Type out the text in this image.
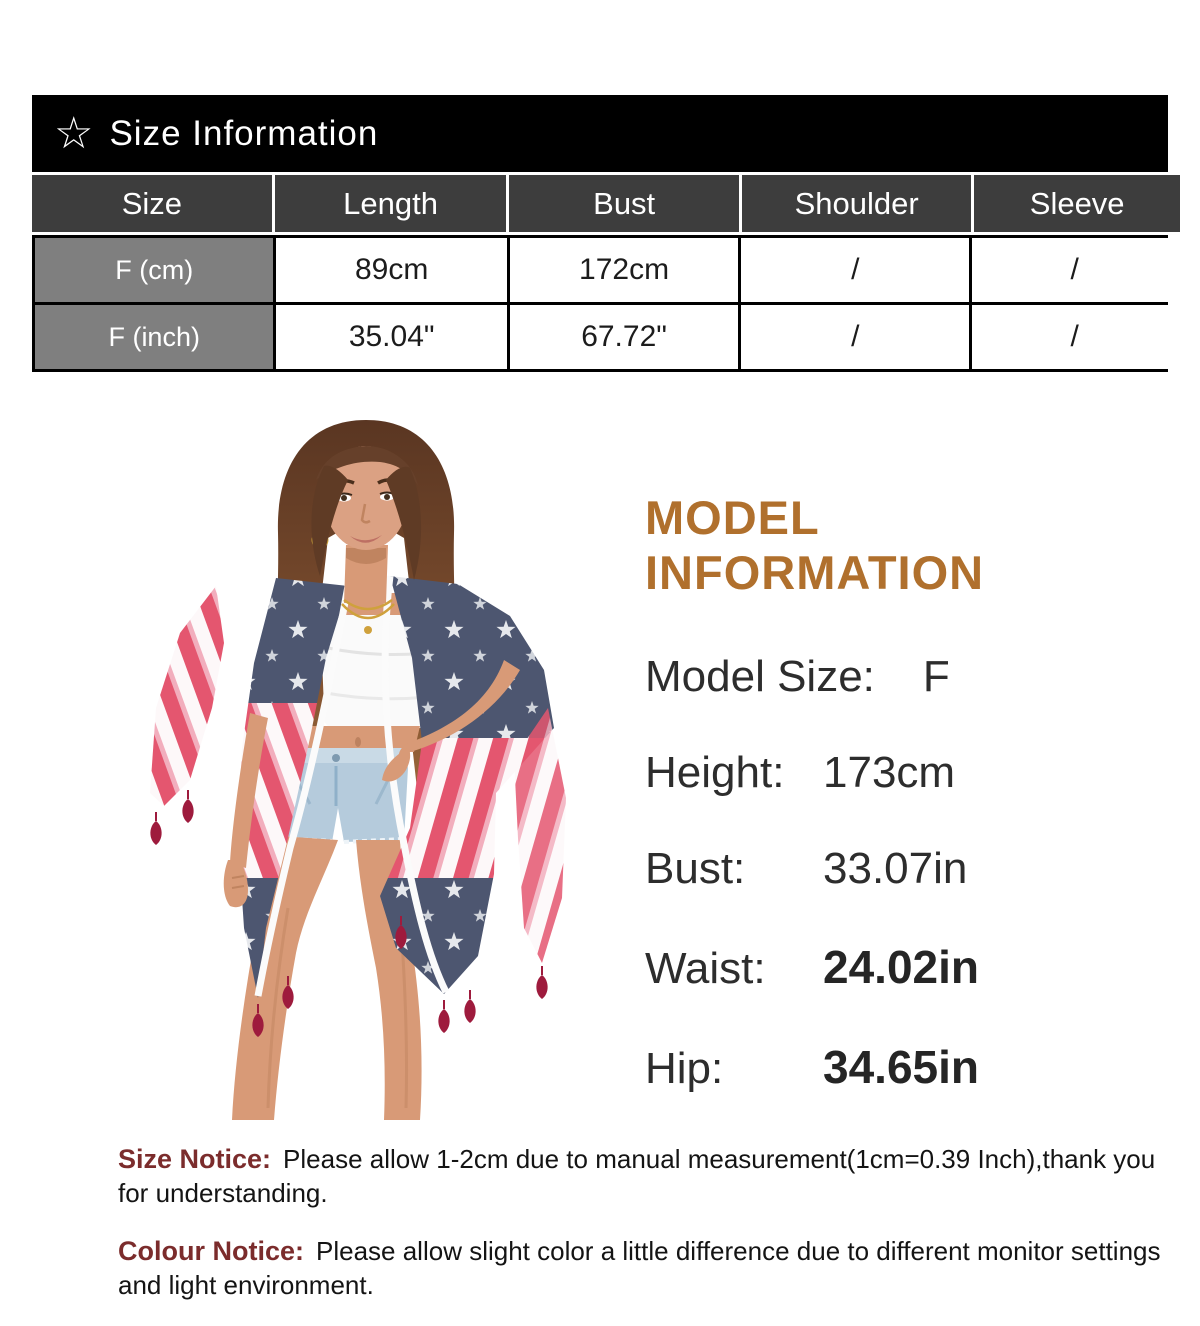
☆ Size Information
Size	Length	Bust	Shoulder	Sleeve
F (cm)	89cm	172cm	/	/
F (inch)	35.04"	67.72"	/	/
MODEL INFORMATION
Model Size: F
Height: 173cm
Bust:	33.07in
Waist:	24.02in
Hip:	34.65in
Size Notice: Please allow 1-2cm due to manual measurement(1cm=0.39 Inch),thank you for understanding.
Colour Notice: Please allow slight color a little difference due to different monitor settings and light environment.
